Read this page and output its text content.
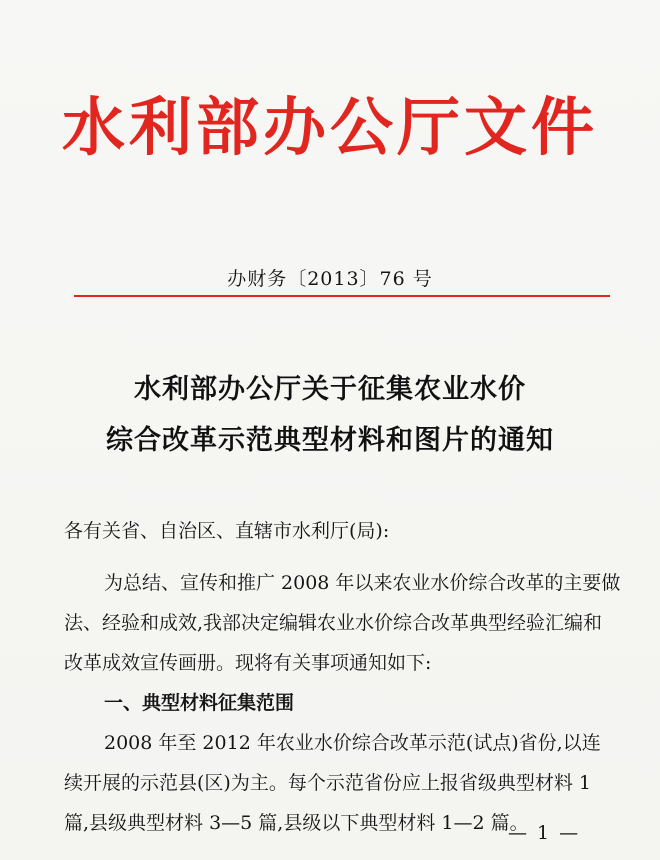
水利部办公厅文件
办财务〔2013〕76 号
水利部办公厅关于征集农业水价
综合改革示范典型材料和图片的通知
各有关省、自治区、直辖市水利厅(局):
为总结、宣传和推广 2008 年以来农业水价综合改革的主要做
法、经验和成效,我部决定编辑农业水价综合改革典型经验汇编和
改革成效宣传画册。现将有关事项通知如下:
一、典型材料征集范围
2008 年至 2012 年农业水价综合改革示范(试点)省份,以连
续开展的示范县(区)为主。每个示范省份应上报省级典型材料 1
篇,县级典型材料 3—5 篇,县级以下典型材料 1—2 篇。
— 1 —
